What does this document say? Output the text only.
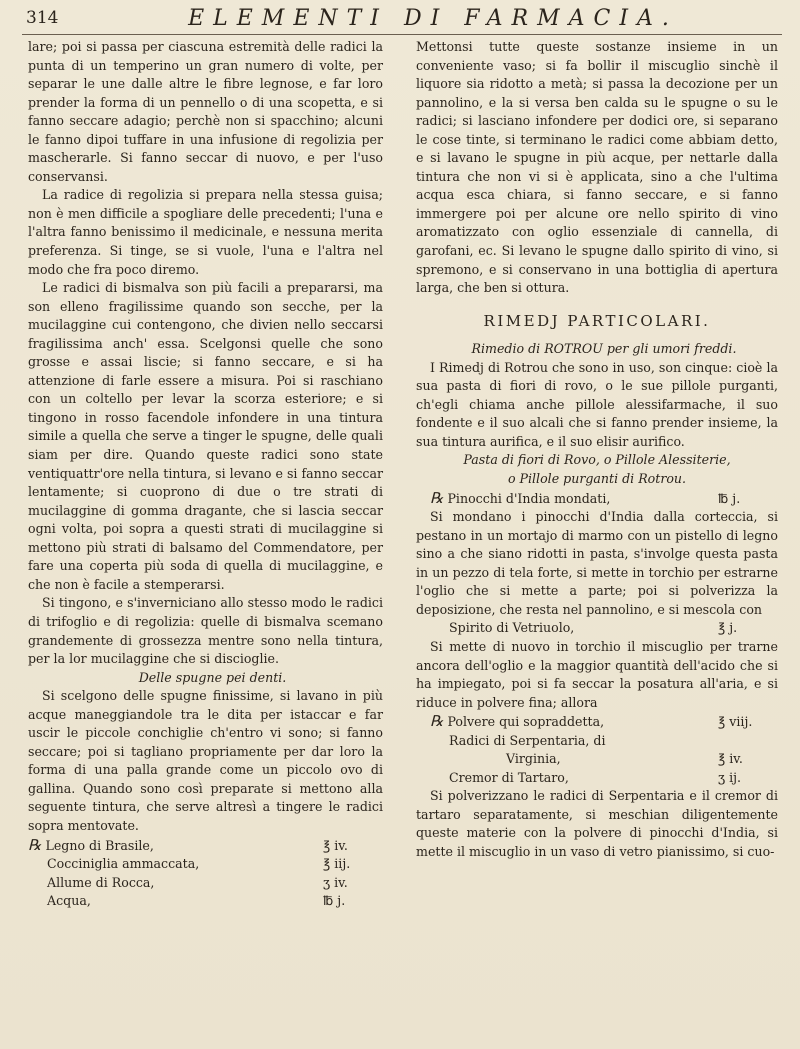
314	ELEMENTI DI FARMACIA.

lare; poi si passa per ciascuna estremità delle radici la punta di un temperino un gran numero di volte, per separar le une dalle altre le fibre legnose, e far loro prender la forma di un pennello o di una scopetta, e si fanno seccare adagio; perchè non si spacchino; alcuni le fanno dipoi tuffare in una infusione di regolizia per mascherarle. Si fanno seccar di nuovo, e per l'uso conservansi.

La radice di regolizia si prepara nella stessa guisa; non è men difficile a spogliare delle precedenti; l'una e l'altra fanno benissimo il medicinale, e nessuna merita preferenza. Si tinge, se si vuole, l'una e l'altra nel modo che fra poco diremo.

Le radici di bismalva son più facili a prepararsi, ma son elleno fragilissime quando son secche, per la mucilaggine cui contengono, che divien nello seccarsi fragilissima anch' essa. Scelgonsi quelle che sono grosse e assai liscie; si fanno seccare, e si ha attenzione di farle essere a misura. Poi si raschiano con un coltello per levar la scorza esteriore; e si tingono in rosso facendole infondere in una tintura simile a quella che serve a tinger le spugne, delle quali siam per dire. Quando queste radici sono state ventiquattr'ore nella tintura, si levano e si fanno seccar lentamente; si cuoprono di due o tre strati di mucilaggine di gomma dragante, che si lascia seccar ogni volta, poi sopra a questi strati di mucilaggine si mettono più strati di balsamo del Commendatore, per fare una coperta più soda di quella di mucilaggine, e che non è facile a stemperarsi.

Si tingono, e s'inverniciano allo stesso modo le radici di trifoglio e di regolizia: quelle di bismalva scemano grandemente di grossezza mentre sono nella tintura, per la lor mucilaggine che si discioglie.

Delle spugne pei denti.

Si scelgono delle spugne finissime, si lavano in più acque maneggiandole tra le dita per istaccar e far uscir le piccole conchiglie ch'entro vi sono; si fanno seccare; poi si tagliano propriamente per dar loro la forma di una palla grande come un piccolo ovo di gallina. Quando sono così preparate si mettono alla seguente tintura, che serve altresì a tingere le radici sopra mentovate.

℞ Legno di Brasile,	℥ iv.
Cocciniglia ammaccata,	℥ iij.
Allume di Rocca,	ʒ iv.
Acqua,	℔ j.

Mettonsi tutte queste sostanze insieme in un conveniente vaso; si fa bollir il miscuglio sinchè il liquore sia ridotto a metà; si passa la decozione per un pannolino, e la si versa ben calda su le spugne o su le radici; si lasciano infondere per dodici ore, si separano le cose tinte, si terminano le radici come abbiam detto, e si lavano le spugne in più acque, per nettarle dalla tintura che non vi si è applicata, sino a che l'ultima acqua esca chiara, si fanno seccare, e si fanno immergere poi per alcune ore nello spirito di vino aromatizzato con oglio essenziale di cannella, di garofani, ec. Si levano le spugne dallo spirito di vino, si spremono, e si conservano in una bottiglia di apertura larga, che ben si ottura.

RIMEDJ PARTICOLARI.

Rimedio di ROTROU per gli umori freddi.

I Rimedj di Rotrou che sono in uso, son cinque: cioè la sua pasta di fiori di rovo, o le sue pillole purganti, ch'egli chiama anche pillole alessifarmache, il suo fondente e il suo alcali che si fanno prender insieme, la sua tintura aurifica, e il suo elisir aurifico.

Pasta di fiori di Rovo, o Pillole Alessiterie,

o Pillole purganti di Rotrou.

℞ Pinocchi d'India mondati,	℔ j.

Si mondano i pinocchi d'India dalla corteccia, si pestano in un mortajo di marmo con un pistello di legno sino a che siano ridotti in pasta, s'involge questa pasta in un pezzo di tela forte, si mette in torchio per estrarne l'oglio che si mette a parte; poi si polverizza la deposizione, che resta nel pannolino, e si mescola con

Spirito di Vetriuolo,	℥ j.

Si mette di nuovo in torchio il miscuglio per trarne ancora dell'oglio e la maggior quantità dell'acido che si ha impiegato, poi si fa seccar la posatura all'aria, e si riduce in polvere fina; allora

℞ Polvere qui sopraddetta,	℥ viij.
Radici di Serpentaria, di
Virginia,	℥ iv.
Cremor di Tartaro,	ʒ ij.

Si polverizzano le radici di Serpentaria e il cremor di tartaro separatamente, si meschian diligentemente queste materie con la polvere di pinocchi d'India, si mette il miscuglio in un vaso di vetro pianissimo, si cuo-
